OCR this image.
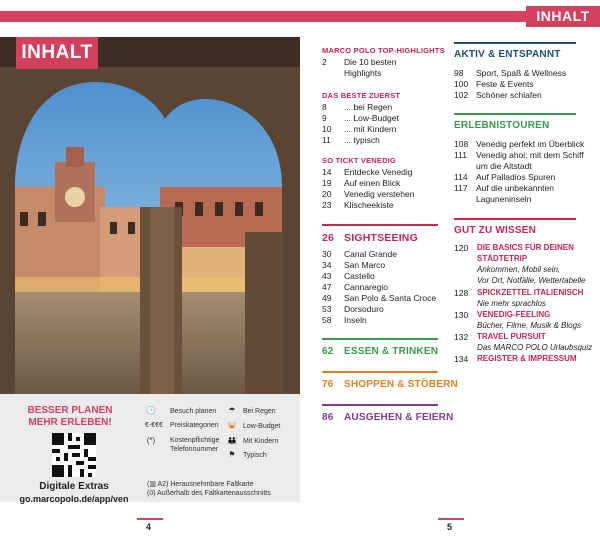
INHALT
INHALT
BESSER PLANEN
MEHR ERLEBEN!
Digitale Extras
go.marcopolo.de/app/ven
🕑 Besuch planen	☂	Bei Regen
€-€€€ Preiskategorien 🐷 Low-Budget
(*) Kostenpflichtige Telefonnummer
👪 Mit Kindern
⚑	Typisch
(▥ A2) Herausnehmbare Faltkarte
(0) Außerhalb des Faltkartenausschnitts
4	5
MARCO POLO TOP-HIGHLIGHTS
2 Die 10 besten
Highlights
DAS BESTE ZUERST
8 ... bei Regen
9 ... Low-Budget
10 ... mit Kindern
11 ... typisch
SO TICKT VENEDIG
14 Entdecke Venedig
19 Auf einen Blick
20 Venedig verstehen
23 Klischeekiste
26 SIGHTSEEING
30 Canal Grande
34 San Marco
43 Castello
47 Cannaregio
49 San Polo & Santa Croce
53 Dorsoduro
58 Inseln
62 ESSEN & TRINKEN
76 SHOPPEN & STÖBERN
86 AUSGEHEN & FEIERN
AKTIV & ENTSPANNT
98 Sport, Spaß & Wellness
100 Feste & Events
102 Schöner schlafen
ERLEBNISTOUREN
108 Venedig perfekt im Überblick
111 Venedig ahoi: mit dem Schiff
um die Altstadt
114 Auf Palladios Spuren
117 Auf die unbekannten
Laguneninseln
GUT ZU WISSEN
120 DIE BASICS FÜR DEINEN
STÄDTETRIP
Ankommen, Mobil sein,
Vor Ort, Notfälle, Wettertabelle
128 SPICKZETTEL ITALIENISCH
Nie mehr sprachlos
130 VENEDIG-FEELING
Bücher, Filme, Musik & Blogs
132 TRAVEL PURSUIT
Das MARCO POLO Urlaubsquiz
134 REGISTER & IMPRESSUM
